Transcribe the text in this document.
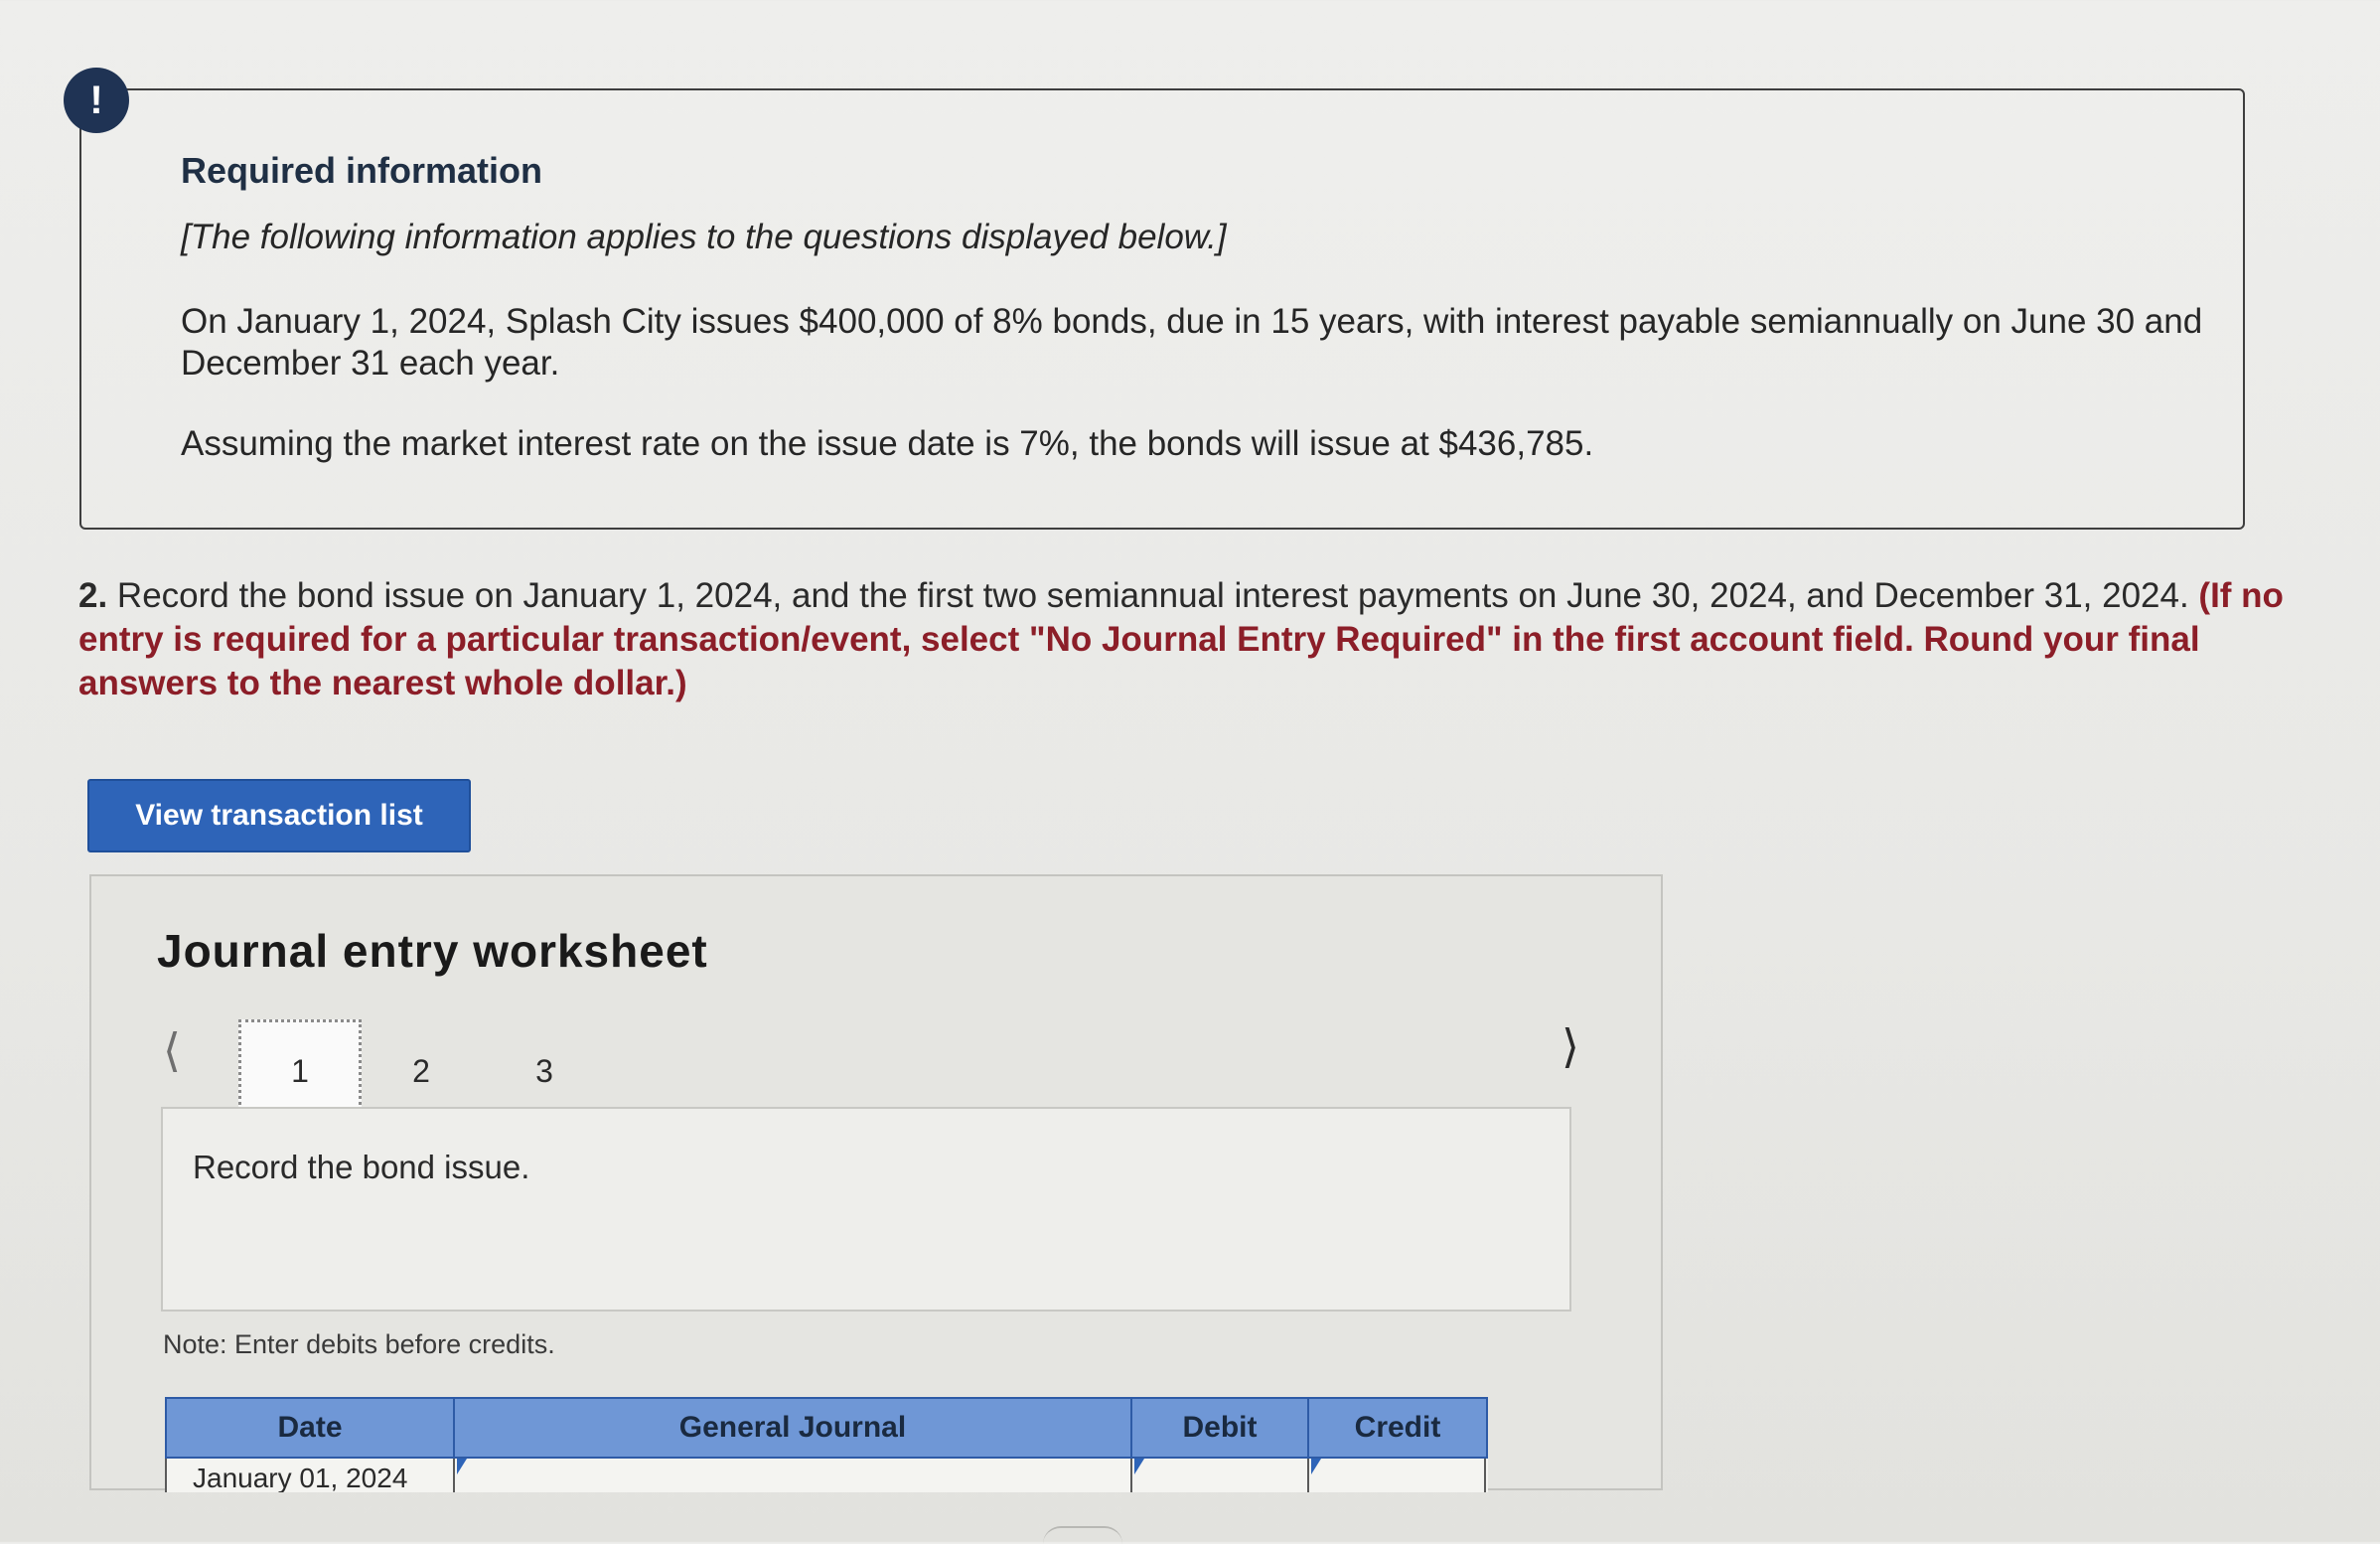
!
Required information
[The following information applies to the questions displayed below.]
On January 1, 2024, Splash City issues $400,000 of 8% bonds, due in 15 years, with interest payable semiannually on June 30 and December 31 each year.
Assuming the market interest rate on the issue date is 7%, the bonds will issue at $436,785.
2. Record the bond issue on January 1, 2024, and the first two semiannual interest payments on June 30, 2024, and December 31, 2024. (If no entry is required for a particular transaction/event, select "No Journal Entry Required" in the first account field. Round your final answers to the nearest whole dollar.)
View transaction list
Journal entry worksheet
⟨	1	2	3	⟩
Record the bond issue.
Note: Enter debits before credits.
Date	General Journal	Debit	Credit
January 01, 2024
